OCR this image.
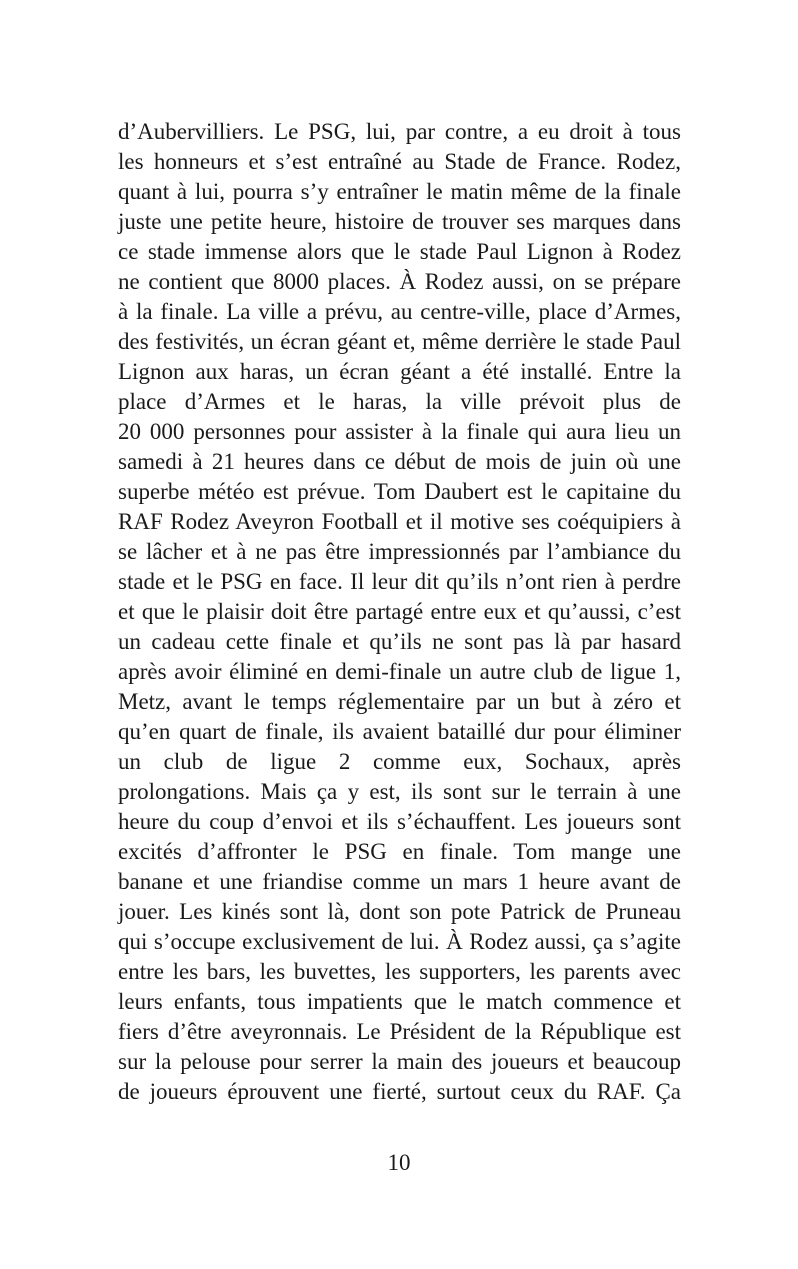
d’Aubervilliers. Le PSG, lui, par contre, a eu droit à tous
les honneurs et s’est entraîné au Stade de France. Rodez,
quant à lui, pourra s’y entraîner le matin même de la finale
juste une petite heure, histoire de trouver ses marques dans
ce stade immense alors que le stade Paul Lignon à Rodez
ne contient que 8000 places. À Rodez aussi, on se prépare
à la finale. La ville a prévu, au centre-ville, place d’Armes,
des festivités, un écran géant et, même derrière le stade Paul
Lignon aux haras, un écran géant a été installé. Entre la
place d’Armes et le haras, la ville prévoit plus de
20 000 personnes pour assister à la finale qui aura lieu un
samedi à 21 heures dans ce début de mois de juin où une
superbe météo est prévue. Tom Daubert est le capitaine du
RAF Rodez Aveyron Football et il motive ses coéquipiers à
se lâcher et à ne pas être impressionnés par l’ambiance du
stade et le PSG en face. Il leur dit qu’ils n’ont rien à perdre
et que le plaisir doit être partagé entre eux et qu’aussi, c’est
un cadeau cette finale et qu’ils ne sont pas là par hasard
après avoir éliminé en demi-finale un autre club de ligue 1,
Metz, avant le temps réglementaire par un but à zéro et
qu’en quart de finale, ils avaient bataillé dur pour éliminer
un club de ligue 2 comme eux, Sochaux, après
prolongations. Mais ça y est, ils sont sur le terrain à une
heure du coup d’envoi et ils s’échauffent. Les joueurs sont
excités d’affronter le PSG en finale. Tom mange une
banane et une friandise comme un mars 1 heure avant de
jouer. Les kinés sont là, dont son pote Patrick de Pruneau
qui s’occupe exclusivement de lui. À Rodez aussi, ça s’agite
entre les bars, les buvettes, les supporters, les parents avec
leurs enfants, tous impatients que le match commence et
fiers d’être aveyronnais. Le Président de la République est
sur la pelouse pour serrer la main des joueurs et beaucoup
de joueurs éprouvent une fierté, surtout ceux du RAF. Ça
10
